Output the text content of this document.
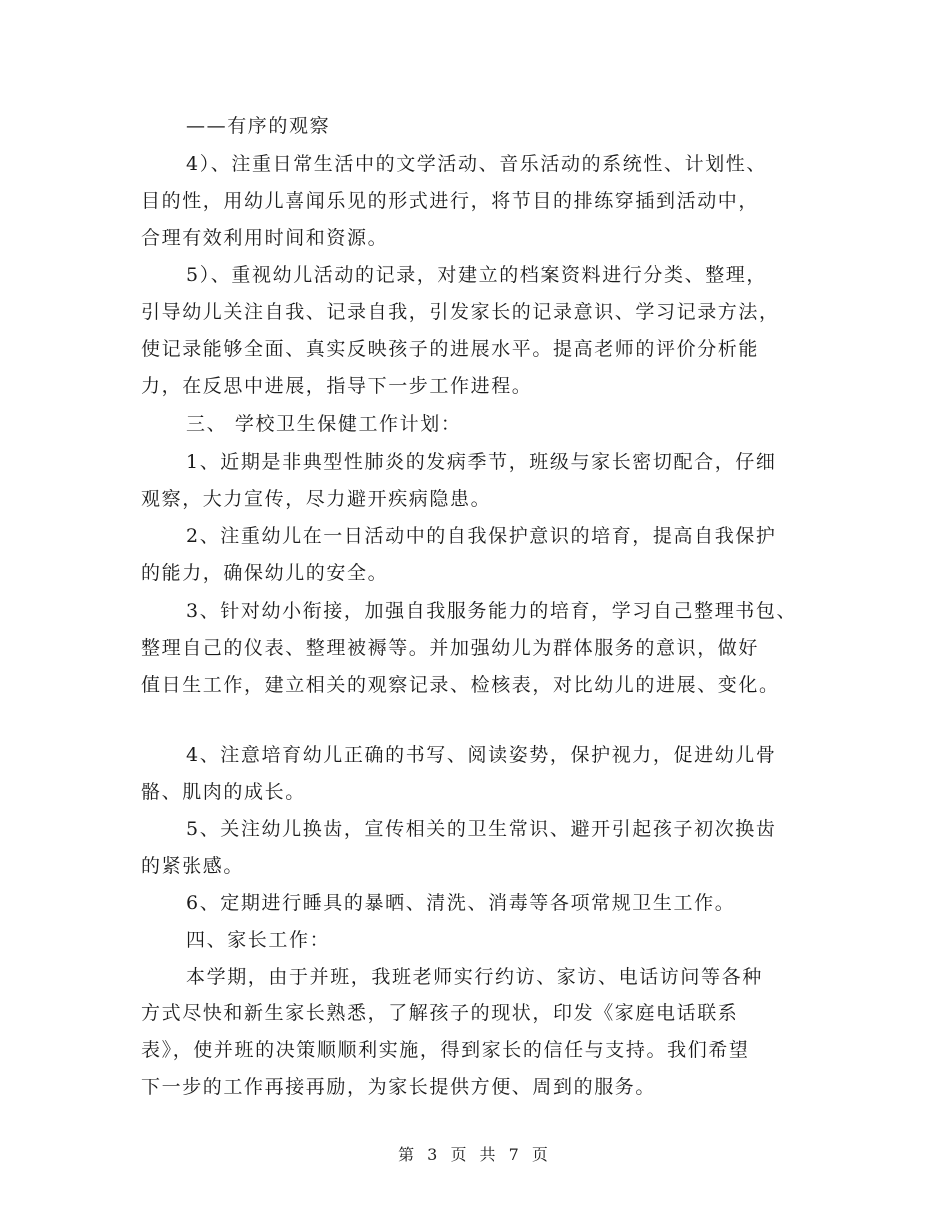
——有序的观察
4）、注重日常生活中的文学活动、音乐活动的系统性、计划性、
目的性，用幼儿喜闻乐见的形式进行，将节目的排练穿插到活动中，
合理有效利用时间和资源。
5）、重视幼儿活动的记录，对建立的档案资料进行分类、整理，
引导幼儿关注自我、记录自我，引发家长的记录意识、学习记录方法，
使记录能够全面、真实反映孩子的进展水平。提高老师的评价分析能
力，在反思中进展，指导下一步工作进程。
三、 学校卫生保健工作计划：
1、近期是非典型性肺炎的发病季节，班级与家长密切配合，仔细
观察，大力宣传，尽力避开疾病隐患。
2、注重幼儿在一日活动中的自我保护意识的培育，提高自我保护
的能力，确保幼儿的安全。
3、针对幼小衔接，加强自我服务能力的培育，学习自己整理书包、
整理自己的仪表、整理被褥等。并加强幼儿为群体服务的意识，做好
值日生工作，建立相关的观察记录、检核表，对比幼儿的进展、变化。
4、注意培育幼儿正确的书写、阅读姿势，保护视力，促进幼儿骨
骼、肌肉的成长。
5、关注幼儿换齿，宣传相关的卫生常识、避开引起孩子初次换齿
的紧张感。
6、定期进行睡具的暴晒、清洗、消毒等各项常规卫生工作。
四、家长工作：
本学期，由于并班，我班老师实行约访、家访、电话访问等各种
方式尽快和新生家长熟悉，了解孩子的现状，印发《家庭电话联系
表》，使并班的决策顺顺利实施，得到家长的信任与支持。我们希望
下一步的工作再接再励，为家长提供方便、周到的服务。
第 3 页 共 7 页
